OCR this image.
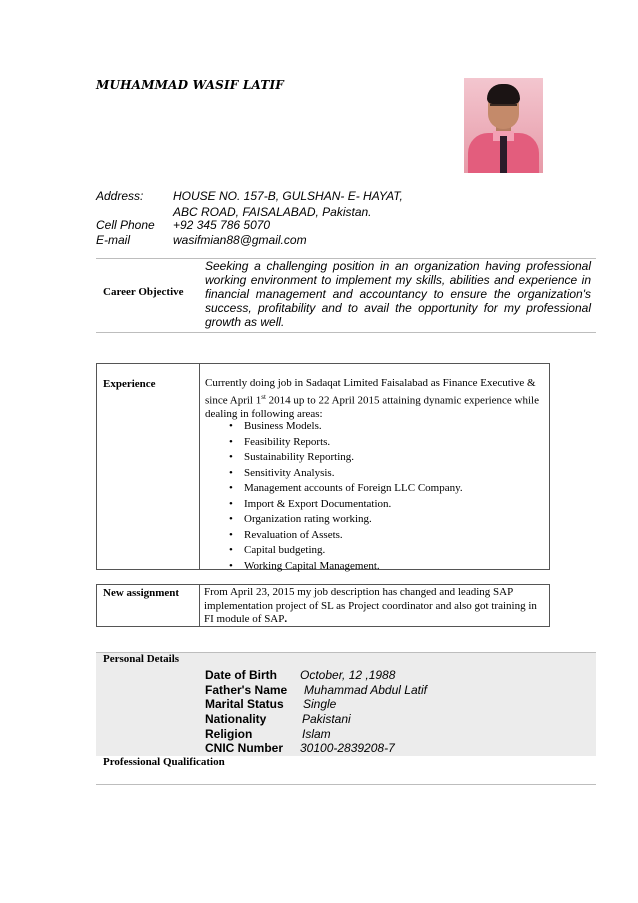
MUHAMMAD WASIF LATIF
Address: HOUSE NO. 157-B, GULSHAN- E- HAYAT,
ABC ROAD, FAISALABAD, Pakistan.
Cell Phone +92 345 786 5070
E-mail	wasifmian88@gmail.com
Career Objective
Seeking a challenging position in an organization having professional working environment to implement my skills, abilities and experience in financial management and accountancy to ensure the organization's success, profitability and to avail the opportunity for my professional growth as well.
Experience	Currently doing job in Sadaqat Limited Faisalabad as Finance Executive & since April 1st 2014 up to 22 April 2015 attaining dynamic experience while dealing in following areas:
• Business Models.
• Feasibility Reports.
• Sustainability Reporting.
• Sensitivity Analysis.
• Management accounts of Foreign LLC Company.
• Import & Export Documentation.
• Organization rating working.
• Revaluation of Assets.
• Capital budgeting.
• Working Capital Management.
New assignment From April 23, 2015 my job description has changed and leading SAP implementation project of SL as Project coordinator and also got training in FI module of SAP.
Personal Details
Date of Birth October, 12 ,1988
Father's Name Muhammad Abdul Latif
Marital Status Single
Nationality	Pakistani
Religion	Islam
CNIC Number 30100-2839208-7
Professional Qualification
